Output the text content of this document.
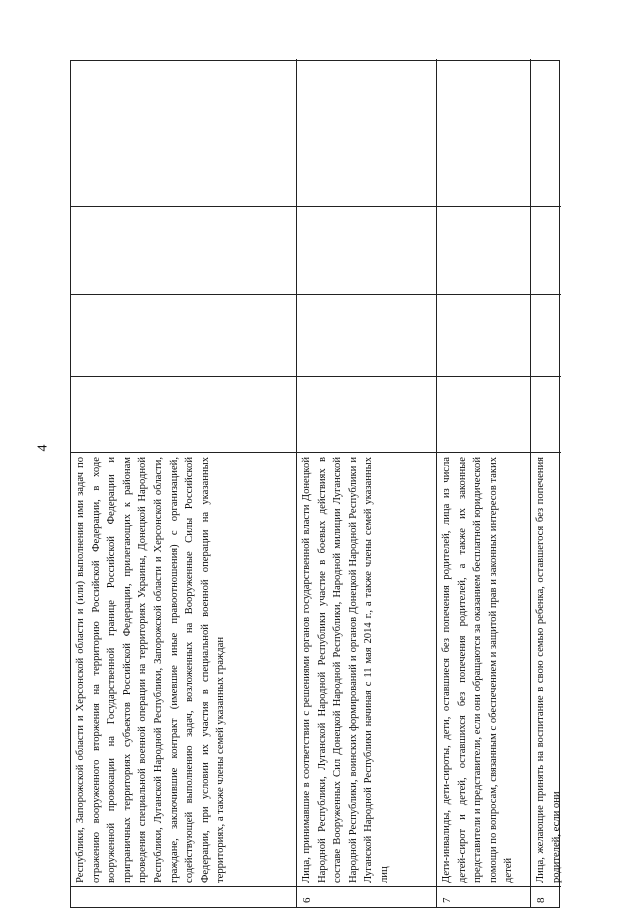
4
Республики, Запорожской области и Херсонской области и (или) выполнения ими задач по отражению вооруженного вторжения на территорию Российской Федерации, в ходе вооруженной провокации на Государственной границе Российской Федерации и приграничных территориях субъектов Российской Федерации, прилегающих к районам проведения специальной военной операции на территориях Украины, Донецкой Народной Республики, Луганской Народной Республики, Запорожской области и Херсонской области, граждане, заключившие контракт (имевшие иные правоотношения) с организацией, содействующей выполнению задач, возложенных на Вооруженные Силы Российской Федерации, при условии их участия в специальной военной операции на указанных территориях, а также члены семей указанных граждан
6
Лица, принимавшие в соответствии с решениями органов государственной власти Донецкой Народной Республики, Луганской Народной Республики участие в боевых действиях в составе Вооруженных Сил Донецкой Народной Республики, Народной милиции Луганской Народной Республики, воинских формирований и органов Донецкой Народной Республики и Луганской Народной Республики начиная с 11 мая 2014 г., а также члены семей указанных лиц
7
Дети-инвалиды, дети-сироты, дети, оставшиеся без попечения родителей, лица из числа детей-сирот и детей, оставшихся без попечения родителей, а также их законные представители и представители, если они обращаются за оказанием бесплатной юридической помощи по вопросам, связанным с обеспечением и защитой прав и законных интересов таких детей
8
Лица, желающие принять на воспитание в свою семью ребенка, оставшегося без попечения родителей, если они
